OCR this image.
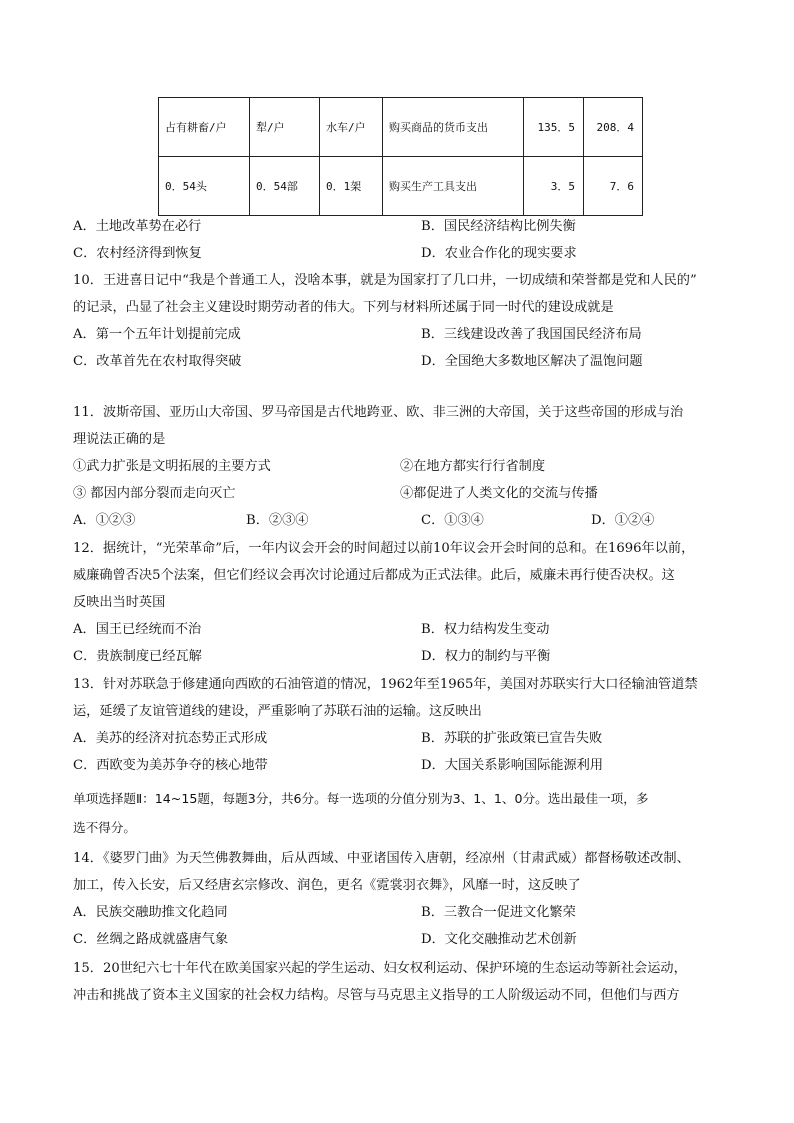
占有耕畜/户	犁/户	水车/户	购买商品的货币支出	135．5	208．4
0．54头	0．54部	0．1架	购买生产工具支出	3．5	7．6
A．土地改革势在必行	B．国民经济结构比例失衡
C．农村经济得到恢复	D．农业合作化的现实要求
10．王进喜日记中“我是个普通工人，没啥本事，就是为国家打了几口井，一切成绩和荣誉都是党和人民的”
的记录，凸显了社会主义建设时期劳动者的伟大。下列与材料所述属于同一时代的建设成就是
A．第一个五年计划提前完成	B．三线建设改善了我国国民经济布局
C．改革首先在农村取得突破	D．全国绝大多数地区解决了温饱问题
11．波斯帝国、亚历山大帝国、罗马帝国是古代地跨亚、欧、非三洲的大帝国，关于这些帝国的形成与治
理说法正确的是
①武力扩张是文明拓展的主要方式	②在地方都实行行省制度
③ 都因内部分裂而走向灭亡	④都促进了人类文化的交流与传播
A．①②③	B．②③④	C．①③④	D．①②④
12．据统计，“光荣革命”后，一年内议会开会的时间超过以前10年议会开会时间的总和。在1696年以前，
威廉确曾否决5个法案，但它们经议会再次讨论通过后都成为正式法律。此后，威廉未再行使否决权。这
反映出当时英国
A．国王已经统而不治	B．权力结构发生变动
C．贵族制度已经瓦解	D．权力的制约与平衡
13．针对苏联急于修建通向西欧的石油管道的情况，1962年至1965年，美国对苏联实行大口径输油管道禁
运，延缓了友谊管道线的建设，严重影响了苏联石油的运输。这反映出
A．美苏的经济对抗态势正式形成	B．苏联的扩张政策已宣告失败
C．西欧变为美苏争夺的核心地带	D．大国关系影响国际能源利用
单项选择题Ⅱ：14~15题，每题3分，共6分。每一选项的分值分别为3、1、1、0分。选出最佳一项，多
选不得分。
14．《婆罗门曲》为天竺佛教舞曲，后从西域、中亚诸国传入唐朝，经凉州（甘肃武威）都督杨敬述改制、
加工，传入长安，后又经唐玄宗修改、润色，更名《霓裳羽衣舞》，风靡一时，这反映了
A．民族交融助推文化趋同	B．三教合一促进文化繁荣
C．丝绸之路成就盛唐气象	D．文化交融推动艺术创新
15．20世纪六七十年代在欧美国家兴起的学生运动、妇女权利运动、保护环境的生态运动等新社会运动，
冲击和挑战了资本主义国家的社会权力结构。尽管与马克思主义指导的工人阶级运动不同，但他们与西方
